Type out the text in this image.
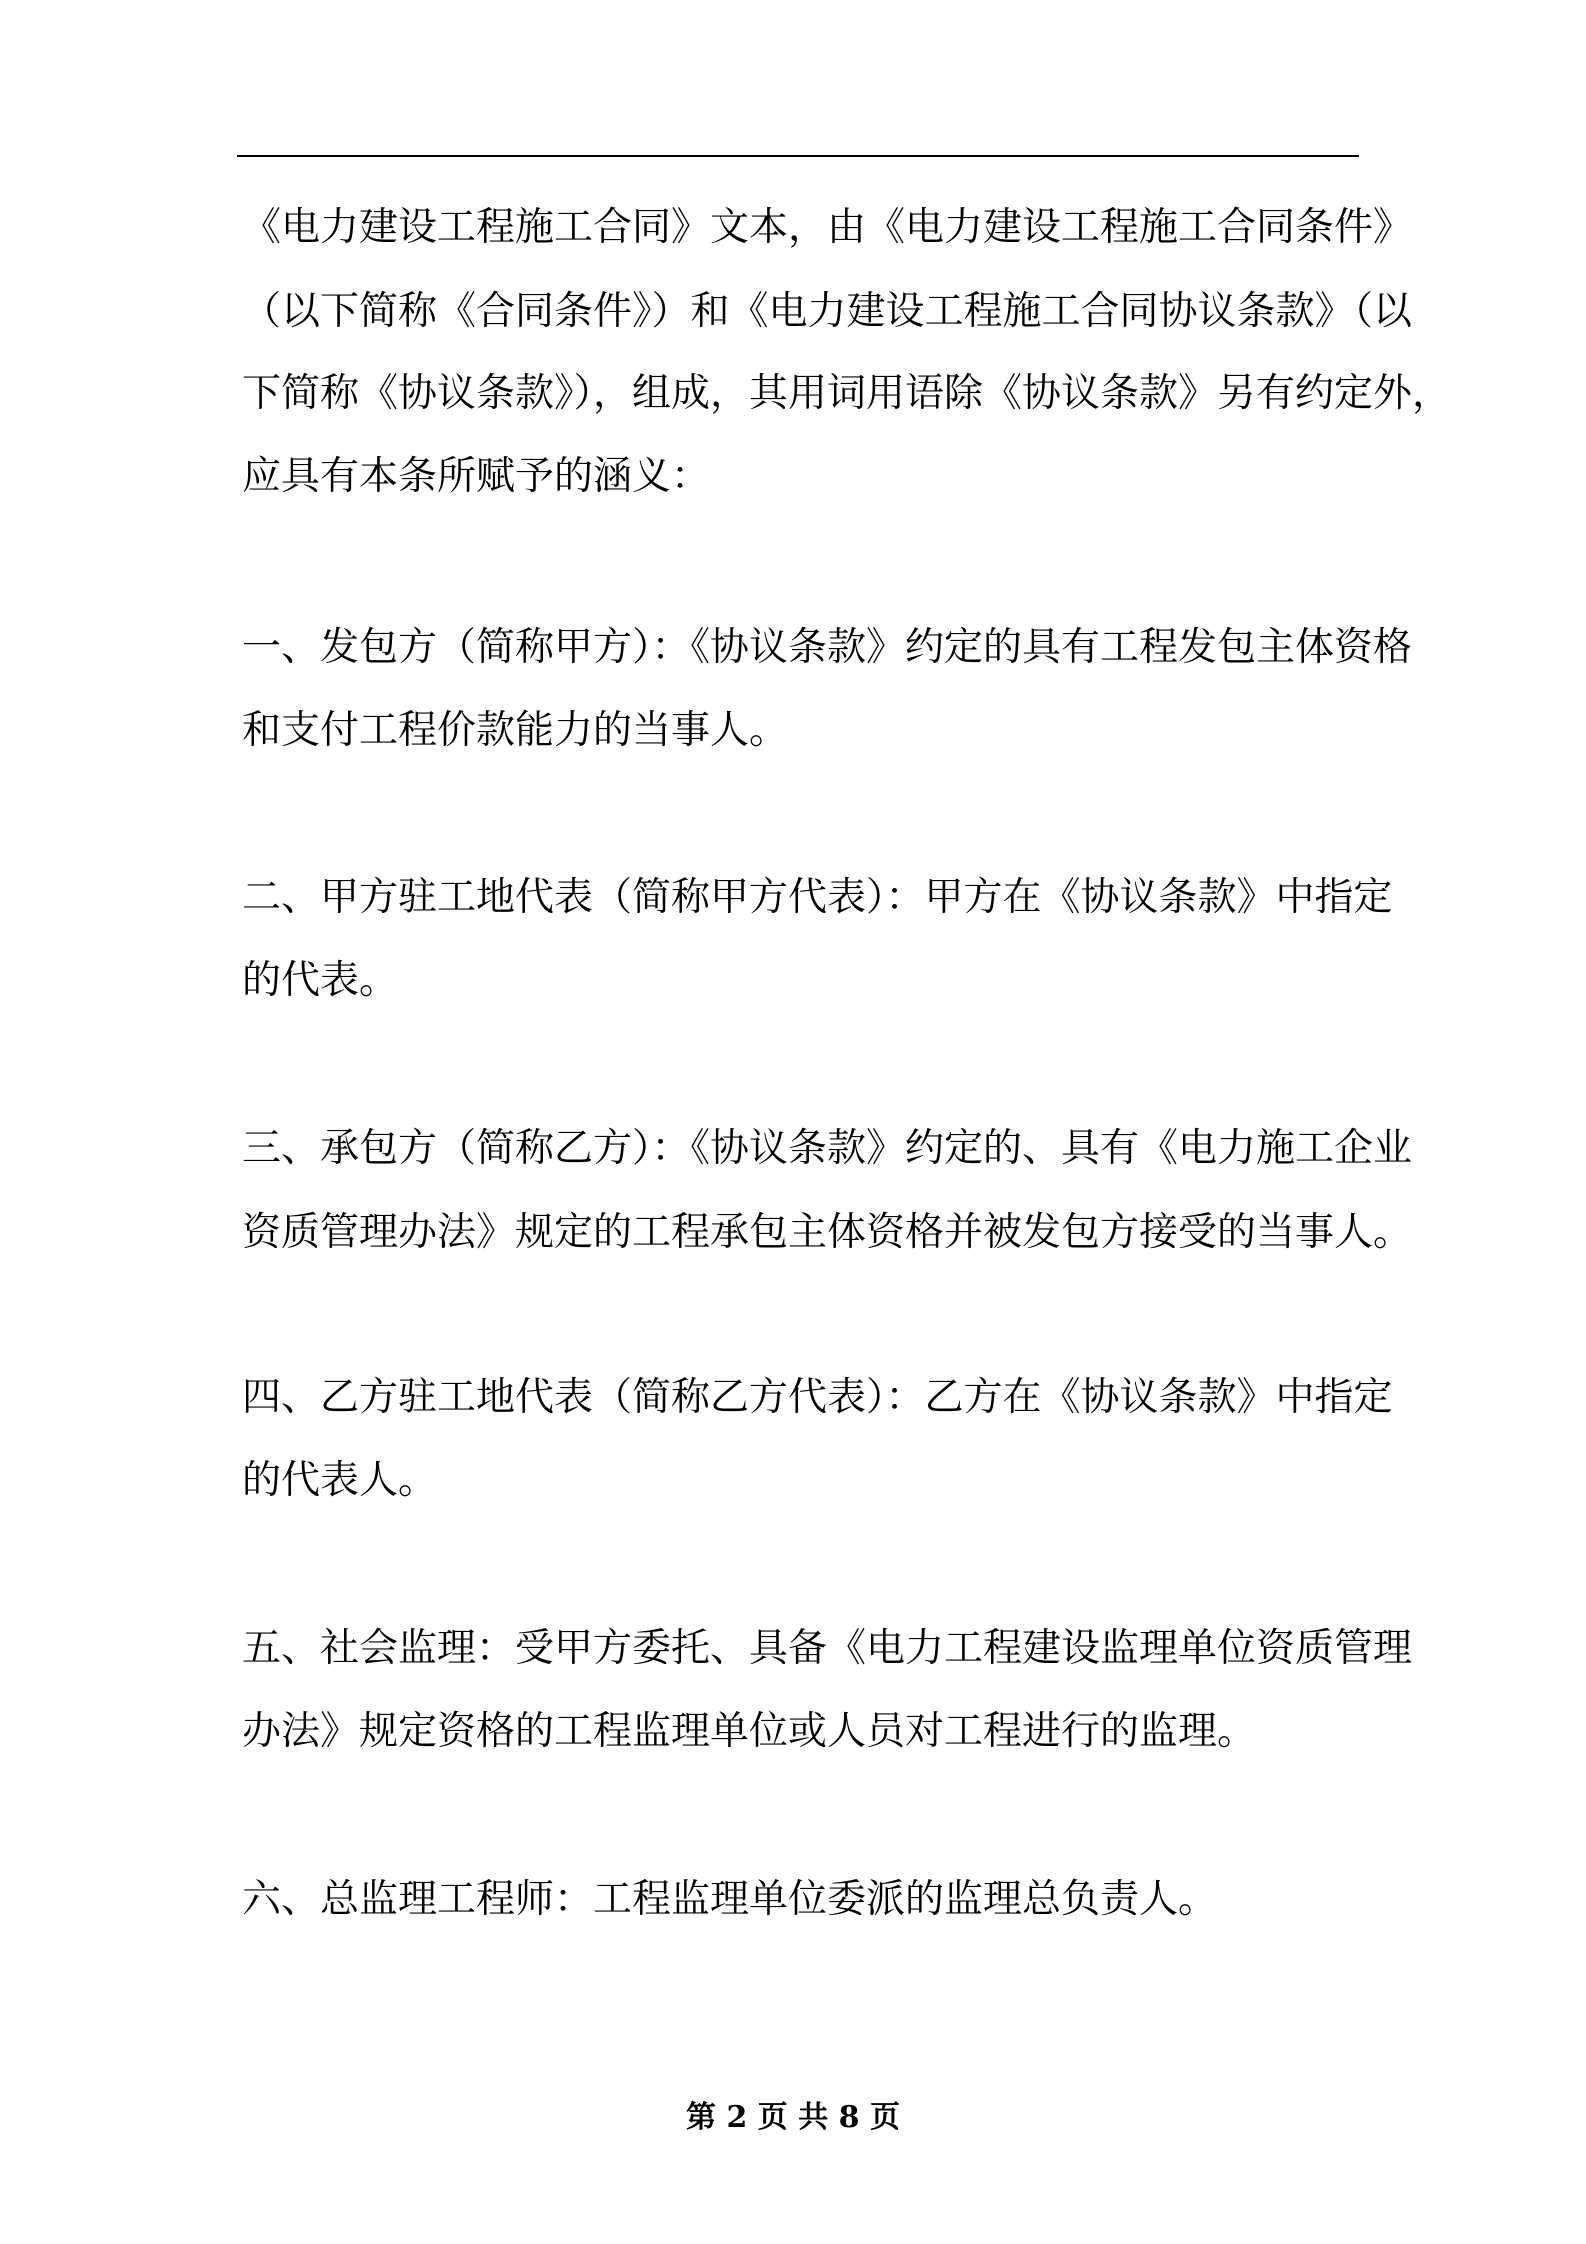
《电力建设工程施工合同》文本，由《电力建设工程施工合同条件》

（以下简称《合同条件》）和《电力建设工程施工合同协议条款》（以

下简称《协议条款》），组成，其用词用语除《协议条款》另有约定外，

应具有本条所赋予的涵义：

一、发包方（简称甲方）：《协议条款》约定的具有工程发包主体资格

和支付工程价款能力的当事人。

二、甲方驻工地代表（简称甲方代表）：甲方在《协议条款》中指定

的代表。

三、承包方（简称乙方）：《协议条款》约定的、具有《电力施工企业

资质管理办法》规定的工程承包主体资格并被发包方接受的当事人。

四、乙方驻工地代表（简称乙方代表）：乙方在《协议条款》中指定

的代表人。

五、社会监理：受甲方委托、具备《电力工程建设监理单位资质管理

办法》规定资格的工程监理单位或人员对工程进行的监理。

六、总监理工程师：工程监理单位委派的监理总负责人。

第 2 页 共 8 页
